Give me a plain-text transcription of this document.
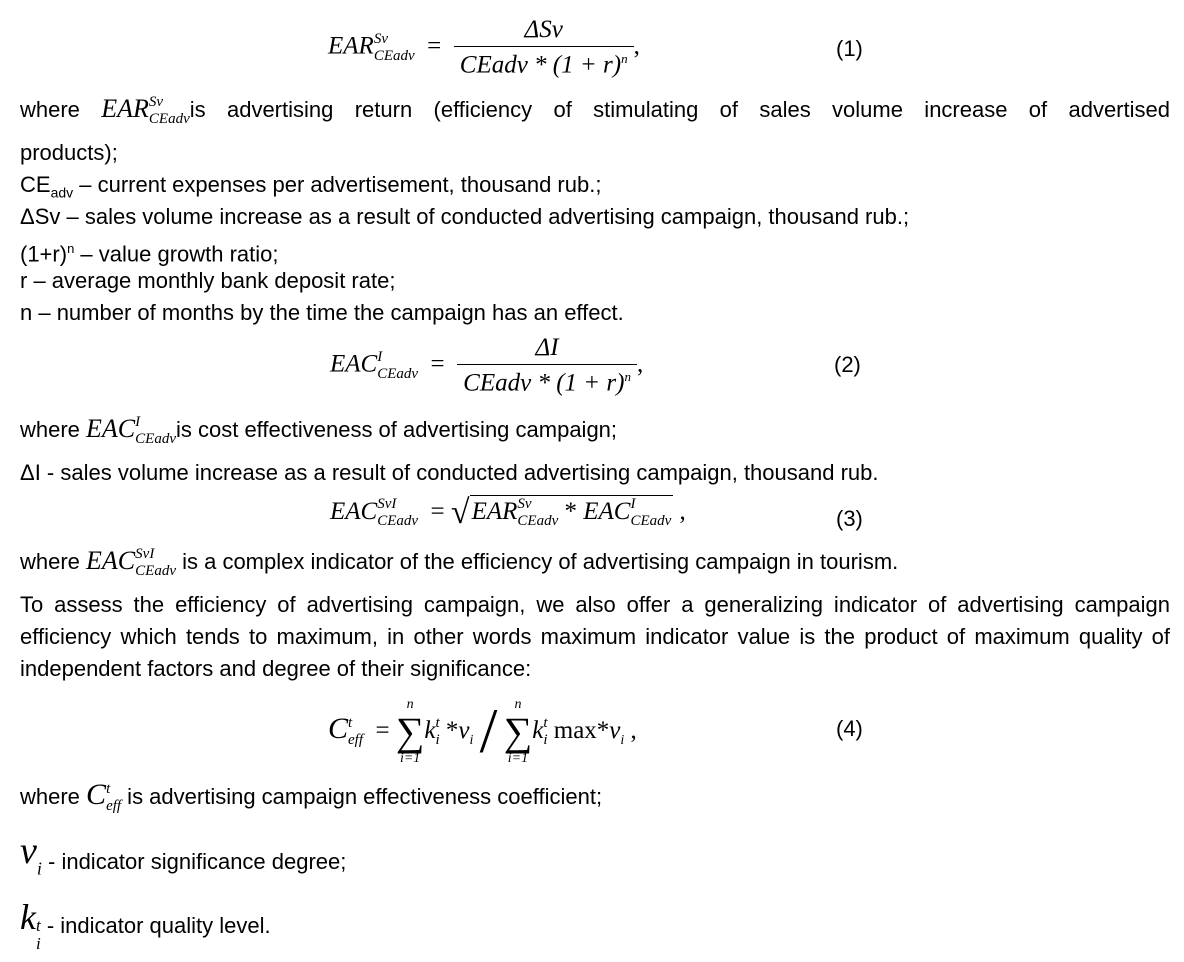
EAR Sv
CEadv = $\frac{\text{ΔSv}}{CEadv * (1 + r)^n}$ ,	(1)
where EAR Sv
CEadv is advertising return (efficiency of stimulating of sales volume increase of advertised
products);
$CE_{adv}$ – current expenses per advertisement, thousand rub.;
ΔSv – sales volume increase as a result of conducted advertising campaign, thousand rub.;
$(1+r)^n$ – value growth ratio;
r – average monthly bank deposit rate;
n – number of months by the time the campaign has an effect.
EAC I
CEadv = $\frac{\Delta I}{CEadv * (1 + r)^n}$ ,	(2)
where EAC I
CEadv is cost effectiveness of advertising campaign;
ΔI - sales volume increase as a result of conducted advertising campaign, thousand rub.
EAC SvI
CEadv = √EAR Sv
CEadv * EAC I
CEadv ,	(3)
where EAC SvI
CEadv is a complex indicator of the efficiency of advertising campaign in tourism.
To assess the efficiency of advertising campaign, we also offer a generalizing indicator of advertising campaign
efficiency which tends to maximum, in other words maximum indicator value is the product of maximum quality of
independent factors and degree of their significance:
C t
eff =
n
∑
i=1
k t
i $*v_i$ / n
∑
i=1
k t
i $\max*v_i$ ,	(4)
where C t
eff is advertising campaign effectiveness coefficient;
$v_i$ - indicator significance degree;
k t
i
- indicator quality level.
